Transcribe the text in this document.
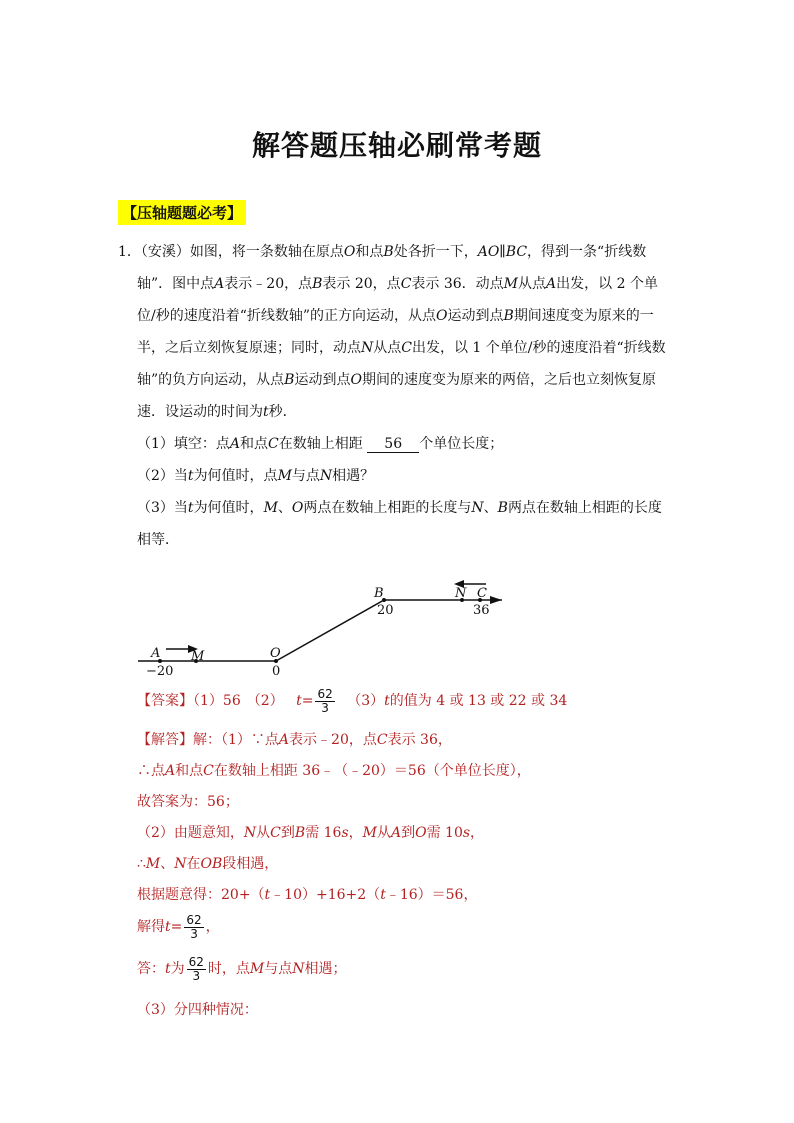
解答题压轴必刷常考题
【压轴题题必考】
1．（安溪）如图，将一条数轴在原点O和点B处各折一下，AO∥BC，得到一条“折线数
轴”．图中点A表示﹣20，点B表示 20，点C表示 36．动点M从点A出发，以 2 个单
位/秒的速度沿着“折线数轴”的正方向运动，从点O运动到点B期间速度变为原来的一
半，之后立刻恢复原速；同时，动点N从点C出发，以 1 个单位/秒的速度沿着“折线数
轴”的负方向运动，从点B运动到点O期间的速度变为原来的两倍，之后也立刻恢复原
速．设运动的时间为t秒．
（1）填空：点A和点C在数轴上相距 56 个单位长度；
（2）当t为何值时，点M与点N相遇？
（3）当t为何值时，M、O两点在数轴上相距的长度与N、B两点在数轴上相距的长度
相等．
A M	O
B	N C
−20	0
20	36
【答案】（1）56 （2） $t= \frac{62}{3} (3)t$的值为 4 或 13 或 22 或 34
【解答】解：（1）∵点A表示﹣20，点C表示 36，
∴点A和点C在数轴上相距 36﹣（﹣20）＝56（个单位长度），
故答案为：56；
（2）由题意知，N从C到B需 16s，M从A到O需 10s，
∴M、N在OB段相遇，
根据题意得：20+（t﹣10）+16+2（t﹣16）＝56，
解得$t= \frac{62}{3}$ ，
答：t为 $\frac{62}{3}$ 时，点M与点N相遇；
（3）分四种情况：
